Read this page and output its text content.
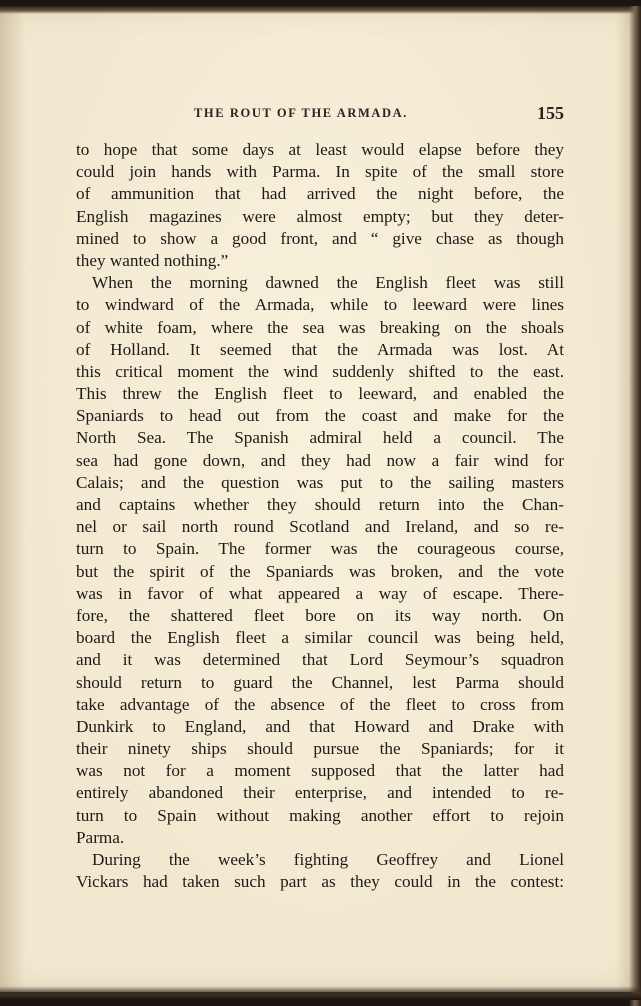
THE ROUT OF THE ARMADA.	155
to hope that some days at least would elapse before they
could join hands with Parma. In spite of the small store
of ammunition that had arrived the night before, the
English magazines were almost empty; but they deter-
mined to show a good front, and “ give chase as though
they wanted nothing.”
When the morning dawned the English fleet was still
to windward of the Armada, while to leeward were lines
of white foam, where the sea was breaking on the shoals
of Holland. It seemed that the Armada was lost. At
this critical moment the wind suddenly shifted to the east.
This threw the English fleet to leeward, and enabled the
Spaniards to head out from the coast and make for the
North Sea. The Spanish admiral held a council. The
sea had gone down, and they had now a fair wind for
Calais; and the question was put to the sailing masters
and captains whether they should return into the Chan-
nel or sail north round Scotland and Ireland, and so re-
turn to Spain. The former was the courageous course,
but the spirit of the Spaniards was broken, and the vote
was in favor of what appeared a way of escape. There-
fore, the shattered fleet bore on its way north. On
board the English fleet a similar council was being held,
and it was determined that Lord Seymour’s squadron
should return to guard the Channel, lest Parma should
take advantage of the absence of the fleet to cross from
Dunkirk to England, and that Howard and Drake with
their ninety ships should pursue the Spaniards; for it
was not for a moment supposed that the latter had
entirely abandoned their enterprise, and intended to re-
turn to Spain without making another effort to rejoin
Parma.
During the week’s fighting Geoffrey and Lionel
Vickars had taken such part as they could in the contest:
